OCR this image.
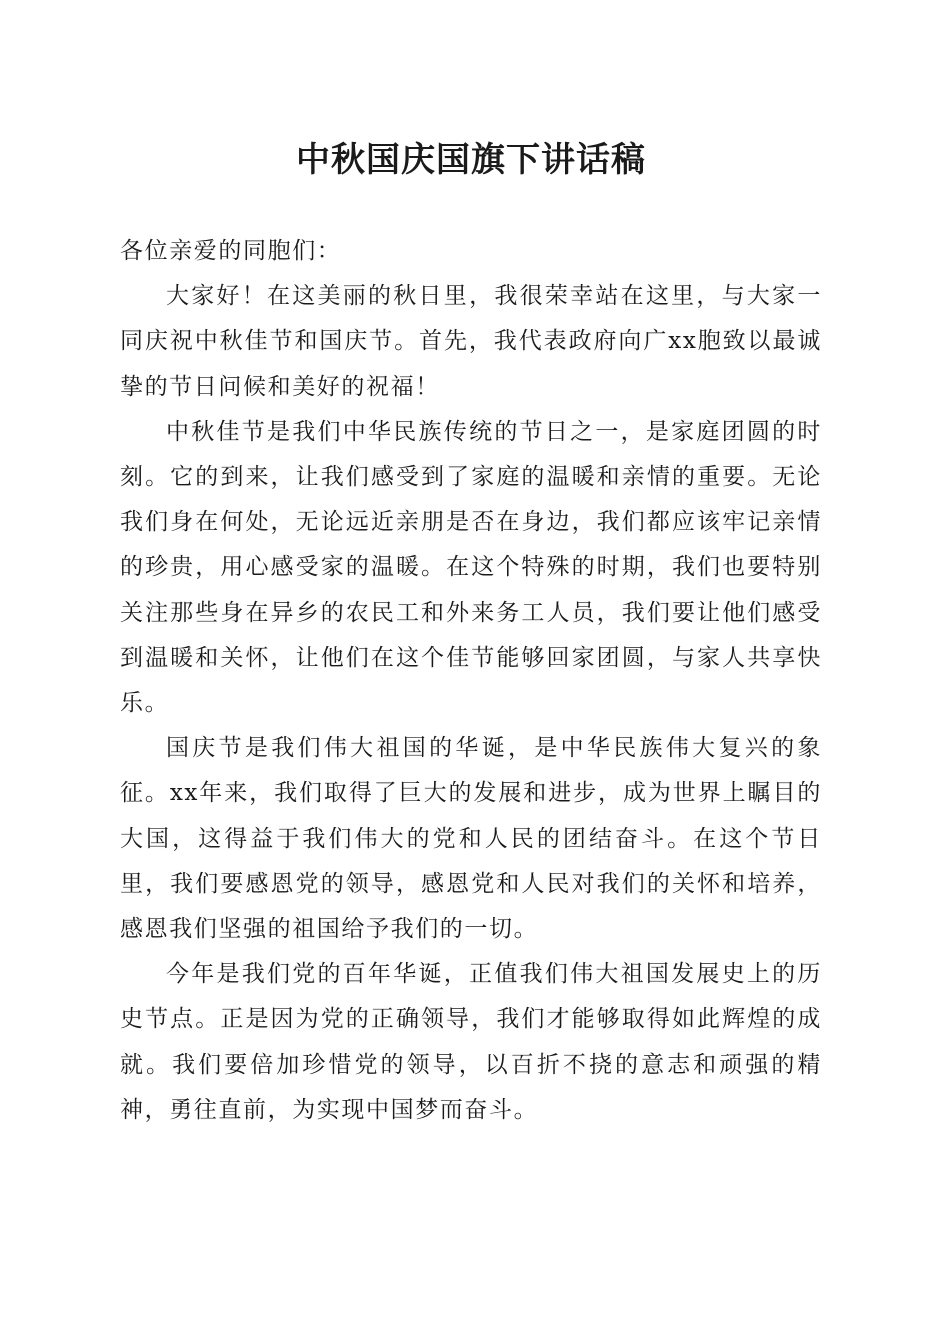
中秋国庆国旗下讲话稿

各位亲爱的同胞们：

大家好！在这美丽的秋日里，我很荣幸站在这里，与大家一同庆祝中秋佳节和国庆节。首先，我代表政府向广xx胞致以最诚挚的节日问候和美好的祝福！

中秋佳节是我们中华民族传统的节日之一，是家庭团圆的时刻。它的到来，让我们感受到了家庭的温暖和亲情的重要。无论我们身在何处，无论远近亲朋是否在身边，我们都应该牢记亲情的珍贵，用心感受家的温暖。在这个特殊的时期，我们也要特别关注那些身在异乡的农民工和外来务工人员，我们要让他们感受到温暖和关怀，让他们在这个佳节能够回家团圆，与家人共享快乐。

国庆节是我们伟大祖国的华诞，是中华民族伟大复兴的象征。xx年来，我们取得了巨大的发展和进步，成为世界上瞩目的大国，这得益于我们伟大的党和人民的团结奋斗。在这个节日里，我们要感恩党的领导，感恩党和人民对我们的关怀和培养，感恩我们坚强的祖国给予我们的一切。

今年是我们党的百年华诞，正值我们伟大祖国发展史上的历史节点。正是因为党的正确领导，我们才能够取得如此辉煌的成就。我们要倍加珍惜党的领导，以百折不挠的意志和顽强的精神，勇往直前，为实现中国梦而奋斗。
